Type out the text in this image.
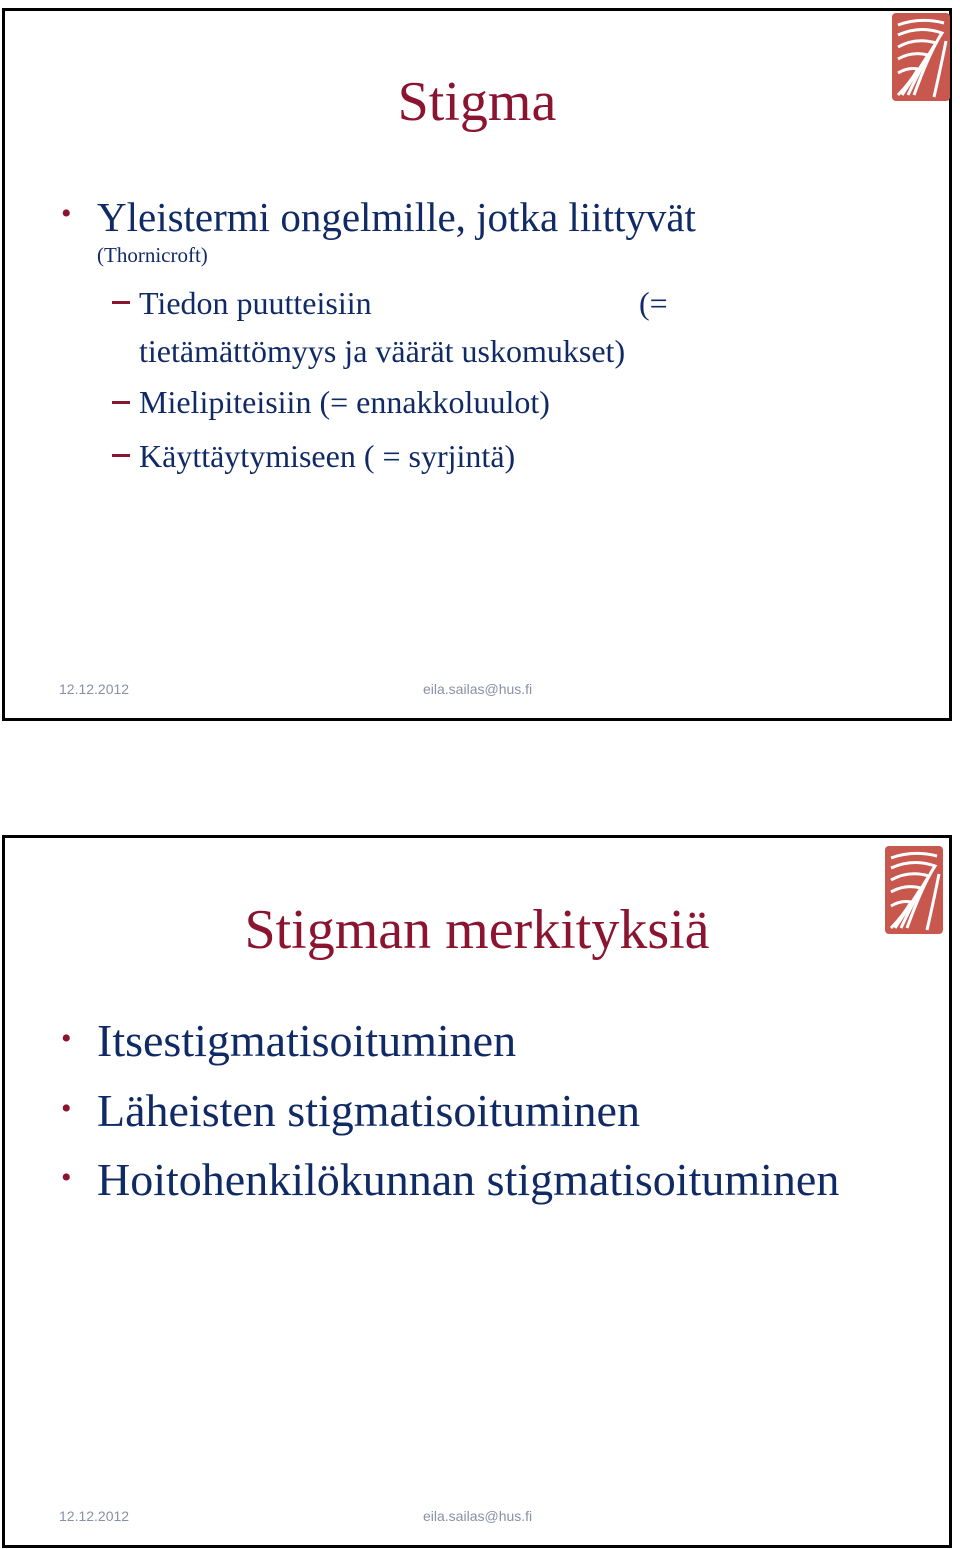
Stigma
• Yleistermi ongelmille, jotka liittyvät
(Thornicroft)
Tiedon puutteisiin	(=
tietämättömyys ja väärät uskomukset)
Mielipiteisiin (= ennakkoluulot)
Käyttäytymiseen ( = syrjintä)
12.12.2012	eila.sailas@hus.fi
Stigman merkityksiä
• Itsestigmatisoituminen
• Läheisten stigmatisoituminen
• Hoitohenkilökunnan stigmatisoituminen
12.12.2012	eila.sailas@hus.fi
